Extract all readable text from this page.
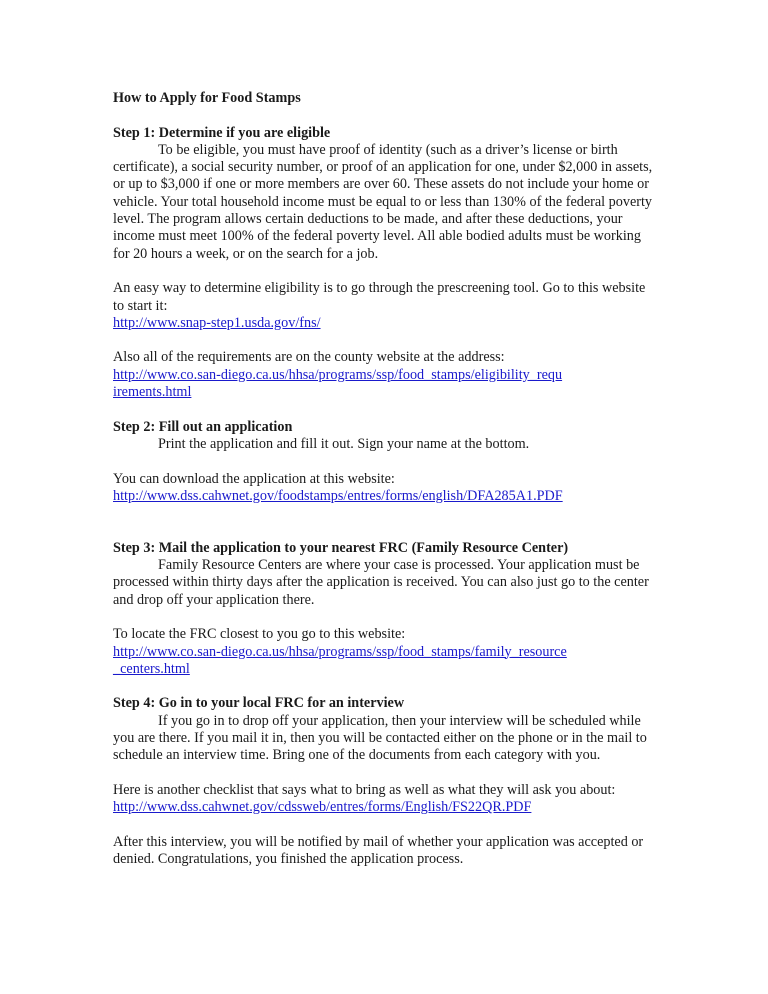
How to Apply for Food Stamps

Step 1: Determine if you are eligible

To be eligible, you must have proof of identity (such as a driver’s license or birth certificate), a social security number, or proof of an application for one, under $2,000 in assets, or up to $3,000 if one or more members are over 60. These assets do not include your home or vehicle. Your total household income must be equal to or less than 130% of the federal poverty level. The program allows certain deductions to be made, and after these deductions, your income must meet 100% of the federal poverty level. All able bodied adults must be working for 20 hours a week, or on the search for a job.

An easy way to determine eligibility is to go through the prescreening tool. Go to this website to start it:

http://www.snap-step1.usda.gov/fns/

Also all of the requirements are on the county website at the address:

http://www.co.san-diego.ca.us/hhsa/programs/ssp/food_stamps/eligibility_requirements.html

Step 2: Fill out an application

Print the application and fill it out. Sign your name at the bottom.

You can download the application at this website:

http://www.dss.cahwnet.gov/foodstamps/entres/forms/english/DFA285A1.PDF

Step 3: Mail the application to your nearest FRC (Family Resource Center)

Family Resource Centers are where your case is processed. Your application must be processed within thirty days after the application is received. You can also just go to the center and drop off your application there.

To locate the FRC closest to you go to this website:

http://www.co.san-diego.ca.us/hhsa/programs/ssp/food_stamps/family_resource_centers.html

Step 4: Go in to your local FRC for an interview

If you go in to drop off your application, then your interview will be scheduled while you are there. If you mail it in, then you will be contacted either on the phone or in the mail to schedule an interview time. Bring one of the documents from each category with you.

Here is another checklist that says what to bring as well as what they will ask you about:

http://www.dss.cahwnet.gov/cdssweb/entres/forms/English/FS22QR.PDF

After this interview, you will be notified by mail of whether your application was accepted or denied. Congratulations, you finished the application process.
